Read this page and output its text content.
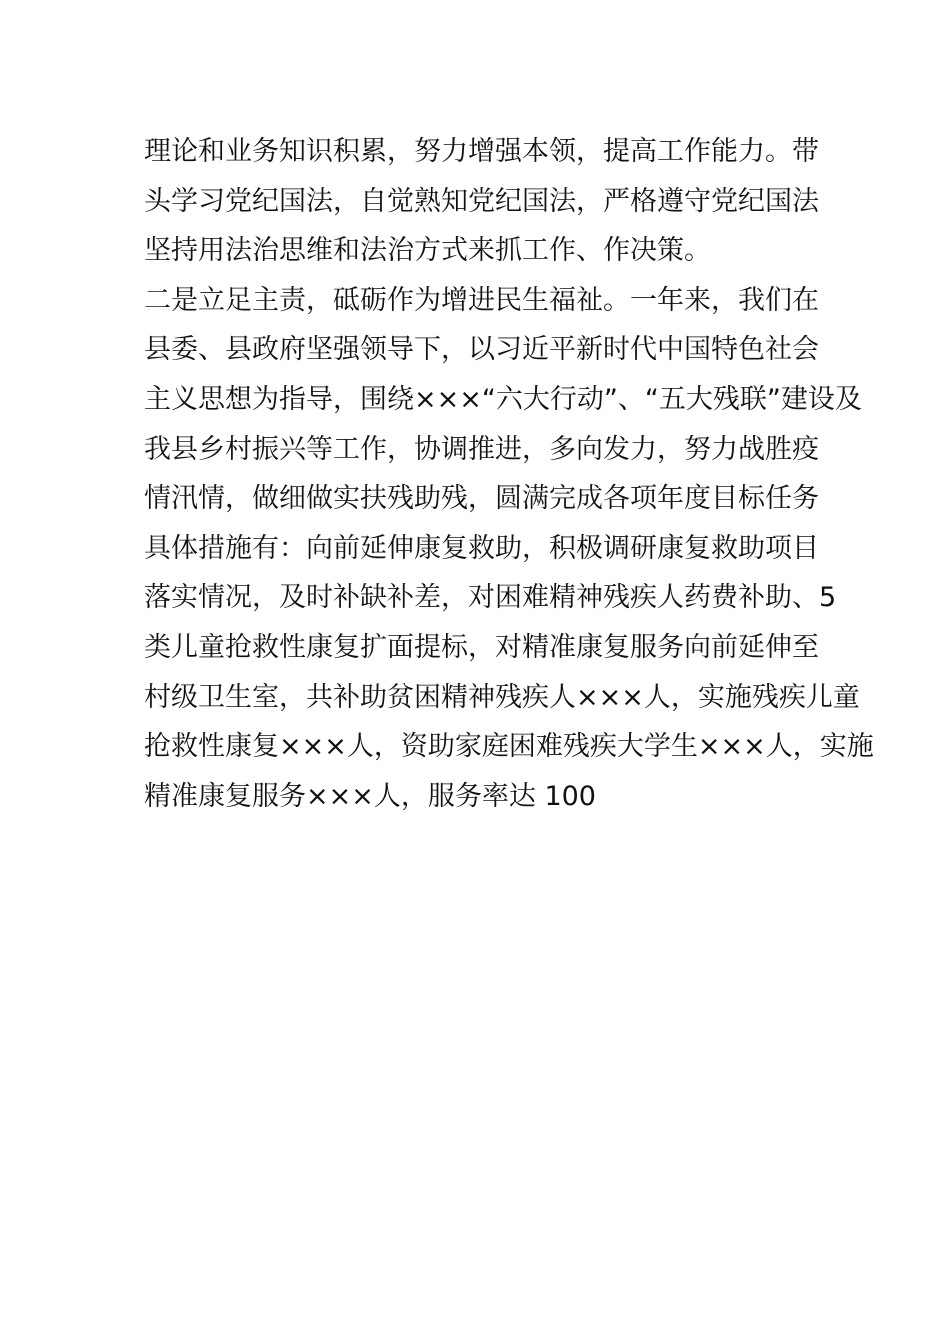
理论和业务知识积累，努力增强本领，提高工作能力。带
头学习党纪国法，自觉熟知党纪国法，严格遵守党纪国法
坚持用法治思维和法治方式来抓工作、作决策。
二是立足主责，砥砺作为增进民生福祉。一年来，我们在
县委、县政府坚强领导下，以习近平新时代中国特色社会
主义思想为指导，围绕×××“六大行动”、“五大残联”建设及
我县乡村振兴等工作，协调推进，多向发力，努力战胜疫
情汛情，做细做实扶残助残，圆满完成各项年度目标任务
具体措施有：向前延伸康复救助，积极调研康复救助项目
落实情况，及时补缺补差，对困难精神残疾人药费补助、5
类儿童抢救性康复扩面提标，对精准康复服务向前延伸至
村级卫生室，共补助贫困精神残疾人×××人，实施残疾儿童
抢救性康复×××人，资助家庭困难残疾大学生×××人，实施
精准康复服务×××人，服务率达 100
